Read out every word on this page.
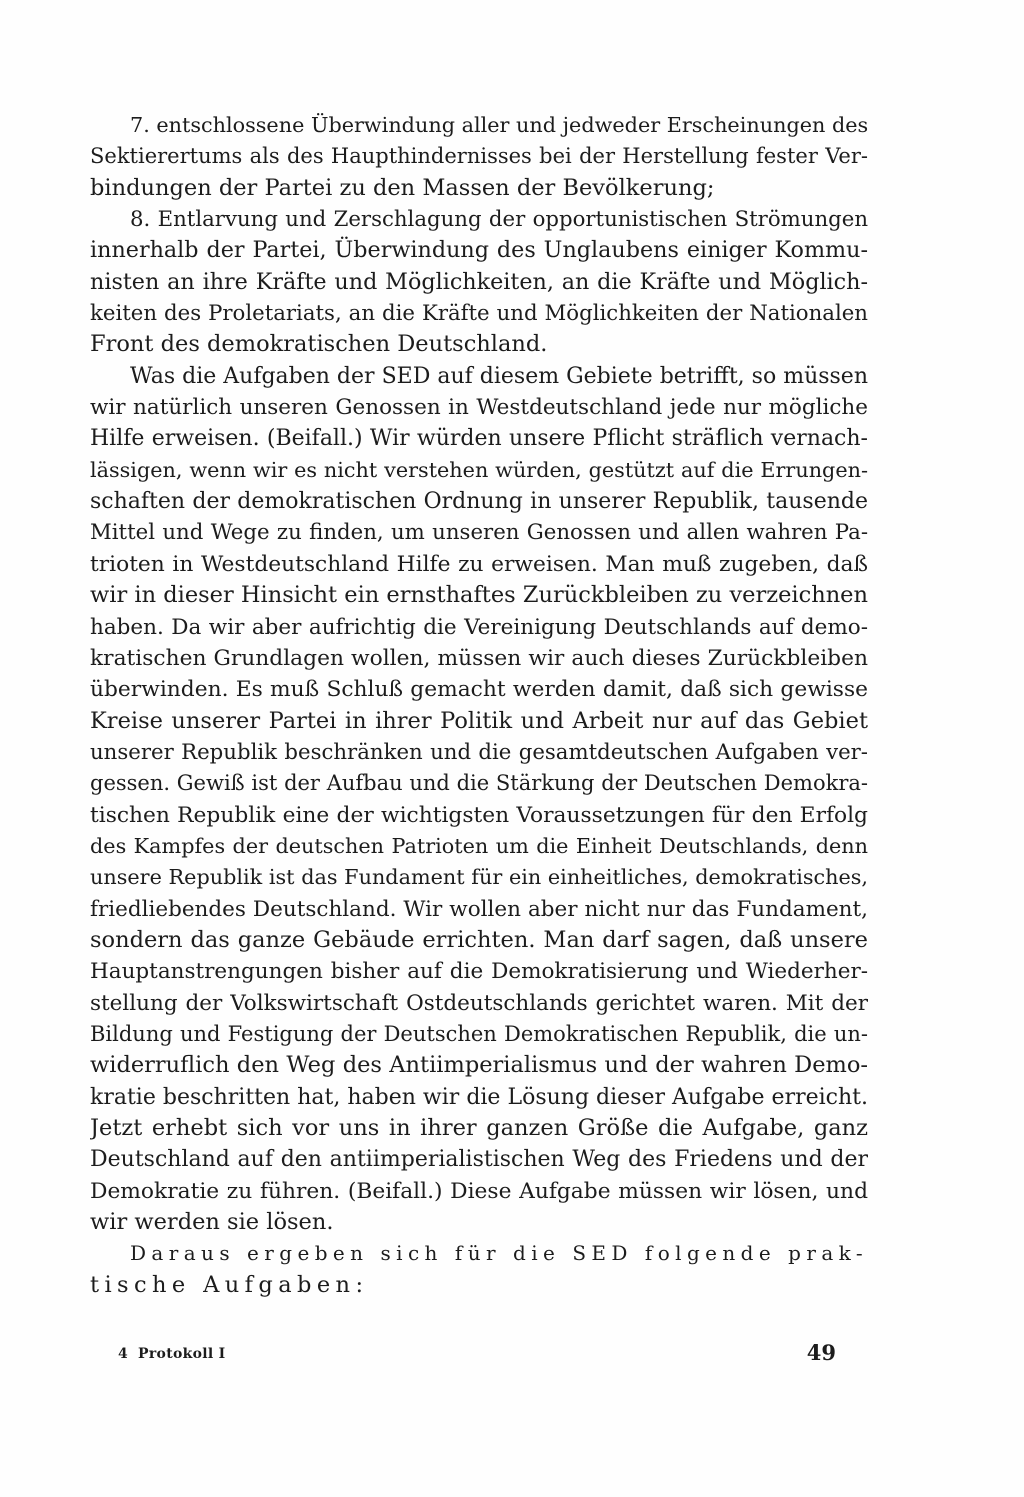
7. entschlossene Überwindung aller und jedweder Erscheinungen des
Sektierertums als des Haupthindernisses bei der Herstellung fester Ver-
bindungen der Partei zu den Massen der Bevölkerung;
8. Entlarvung und Zerschlagung der opportunistischen Strömungen
innerhalb der Partei, Überwindung des Unglaubens einiger Kommu-
nisten an ihre Kräfte und Möglichkeiten, an die Kräfte und Möglich-
keiten des Proletariats, an die Kräfte und Möglichkeiten der Nationalen
Front des demokratischen Deutschland.
Was die Aufgaben der SED auf diesem Gebiete betrifft, so müssen
wir natürlich unseren Genossen in Westdeutschland jede nur mögliche
Hilfe erweisen. (Beifall.) Wir würden unsere Pflicht sträflich vernach-
lässigen, wenn wir es nicht verstehen würden, gestützt auf die Errungen-
schaften der demokratischen Ordnung in unserer Republik, tausende
Mittel und Wege zu finden, um unseren Genossen und allen wahren Pa-
trioten in Westdeutschland Hilfe zu erweisen. Man muß zugeben, daß
wir in dieser Hinsicht ein ernsthaftes Zurückbleiben zu verzeichnen
haben. Da wir aber aufrichtig die Vereinigung Deutschlands auf demo-
kratischen Grundlagen wollen, müssen wir auch dieses Zurückbleiben
überwinden. Es muß Schluß gemacht werden damit, daß sich gewisse
Kreise unserer Partei in ihrer Politik und Arbeit nur auf das Gebiet
unserer Republik beschränken und die gesamtdeutschen Aufgaben ver-
gessen. Gewiß ist der Aufbau und die Stärkung der Deutschen Demokra-
tischen Republik eine der wichtigsten Voraussetzungen für den Erfolg
des Kampfes der deutschen Patrioten um die Einheit Deutschlands, denn
unsere Republik ist das Fundament für ein einheitliches, demokratisches,
friedliebendes Deutschland. Wir wollen aber nicht nur das Fundament,
sondern das ganze Gebäude errichten. Man darf sagen, daß unsere
Hauptanstrengungen bisher auf die Demokratisierung und Wiederher-
stellung der Volkswirtschaft Ostdeutschlands gerichtet waren. Mit der
Bildung und Festigung der Deutschen Demokratischen Republik, die un-
widerruflich den Weg des Antiimperialismus und der wahren Demo-
kratie beschritten hat, haben wir die Lösung dieser Aufgabe erreicht.
Jetzt erhebt sich vor uns in ihrer ganzen Größe die Aufgabe, ganz
Deutschland auf den antiimperialistischen Weg des Friedens und der
Demokratie zu führen. (Beifall.) Diese Aufgabe müssen wir lösen, und
wir werden sie lösen.
Daraus ergeben sich für die SED folgende prak-
tische Aufgaben:
4 Protokoll I	49
